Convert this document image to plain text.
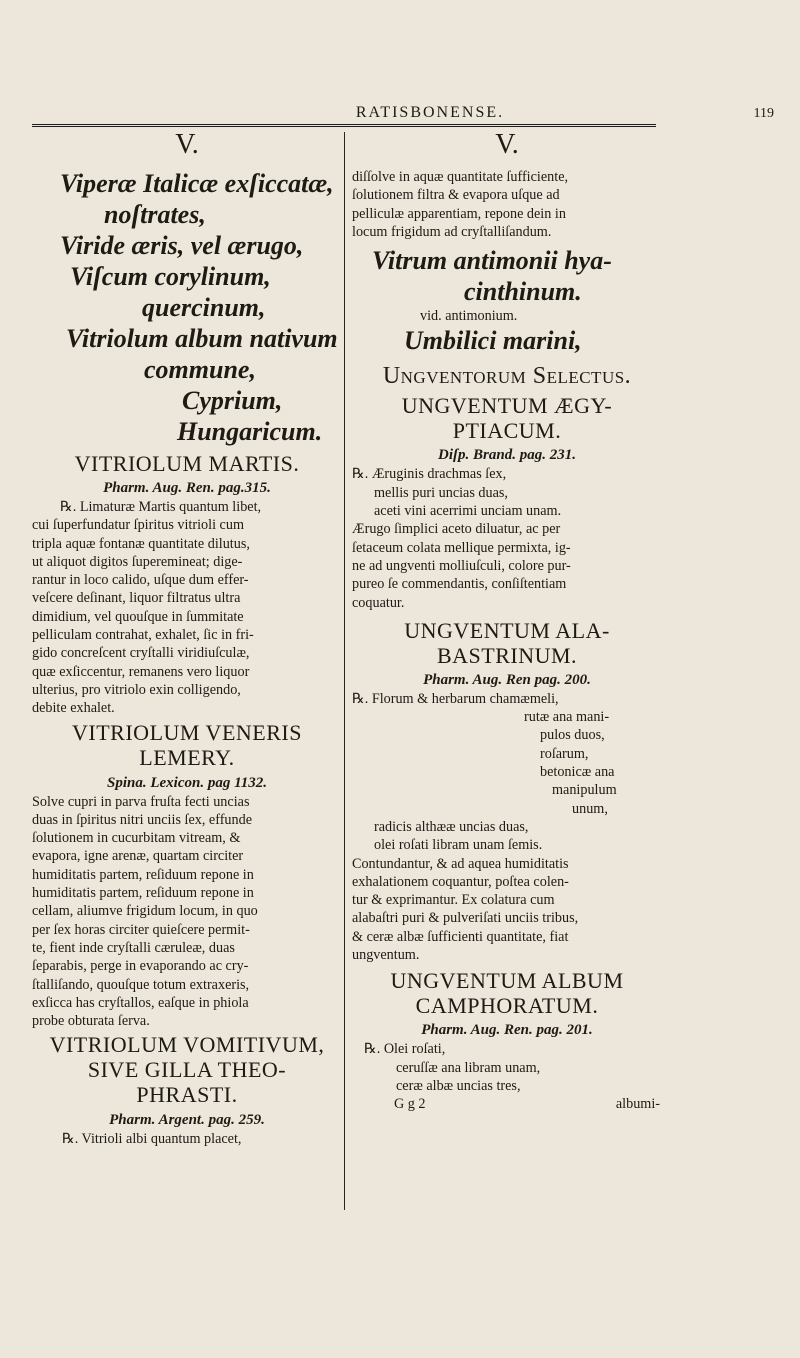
RATISBONENSE.	119
V.
Viperæ Italicæ exſiccatæ,
noſtrates,
Viride æris, vel ærugo,
Viſcum corylinum,
quercinum,
Vitriolum album nativum
commune,
Cyprium,
Hungaricum.
VITRIOLUM MARTIS.
Pharm. Aug. Ren. pag.315.
℞. Limaturæ Martis quantum libet,
cui ſuperfundatur ſpiritus vitrioli cum
tripla aquæ fontanæ quantitate dilutus,
ut aliquot digitos ſupereminеat; dige-
rantur in loco calido, uſque dum effer-
veſcere deſinant, liquor filtratus ultra
dimidium, vel quouſque in ſummitate
pelliculam contrahat, exhalet, ſic in fri-
gido concreſcent cryſtalli viridiuſculæ,
quæ exſiccentur, remanens vero liquor
ulterius, pro vitriolo exin colligendo,
debite exhalet.
VITRIOLUM VENERIS
LEMERY.
Spina. Lexicon. pag 1132.
Solve cupri in parva fruſta fecti uncias
duas in ſpiritus nitri unciis ſex, effunde
ſolutionem in cucurbitam vitream, &
evapora, igne arenæ, quartam circiter
humiditatis partem, reſiduum repone in
humiditatis partem, reſiduum repone in
cellam, aliumve frigidum locum, in quo
per ſex horas circiter quieſcere permit-
te, fient inde cryſtalli cærulеæ, duas
ſeparabis, perge in evaporando ac cry-
ſtalliſando, quouſque totum extraxeris,
exſicca has cryſtallos, eaſque in phiola
probe obturata ſerva.
VITRIOLUM VOMITIVUM,
SIVE GILLA THEO-
PHRASTI.
Pharm. Argent. pag. 259.
℞. Vitrioli albi quantum placet,
V.
diſſolve in aquæ quantitate ſufficiente,
ſolutionem filtra & evapora uſque ad
pelliculæ apparentiam, repone dein in
locum frigidum ad cryſtalliſandum.
Vitrum antimonii hya-
cinthinum.
vid. antimonium.
Umbilici marini,
Ungventorum Selectus.
UNGVENTUM ÆGY-
PTIACUM.
Diſp. Brand. pag. 231.
℞. Æruginis drachmas ſex,
mellis puri uncias duas,
aceti vini acerrimi unciam unam.
Ærugo ſimplici aceto diluatur, ac per
ſetaceum colata mellique permixta, ig-
ne ad ungventi molliuſculi, colore pur-
pureo ſe commendantis, conſiſtentiam
coquatur.
UNGVENTUM ALA-
BASTRINUM.
Pharm. Aug. Ren pag. 200.
℞. Florum & herbarum chamæmeli,
rutæ ana mani-
pulos duos,
roſarum,
betonicæ ana
manipulum
unum,
radicis althææ uncias duas,
olei roſati libram unam ſemis.
Contundantur, & ad aquea humiditatis
exhalationem coquantur, poſtea colen-
tur & exprimantur. Ex colatura cum
alabaſtri puri & pulveriſati unciis tribus,
& ceræ albæ ſufficienti quantitate, fiat
ungventum.
UNGVENTUM ALBUM
CAMPHORATUM.
Pharm. Aug. Ren. pag. 201.
℞. Olei roſati,
ceruſſæ ana libram unam,
ceræ albæ uncias tres,
G g 2	albumi-
